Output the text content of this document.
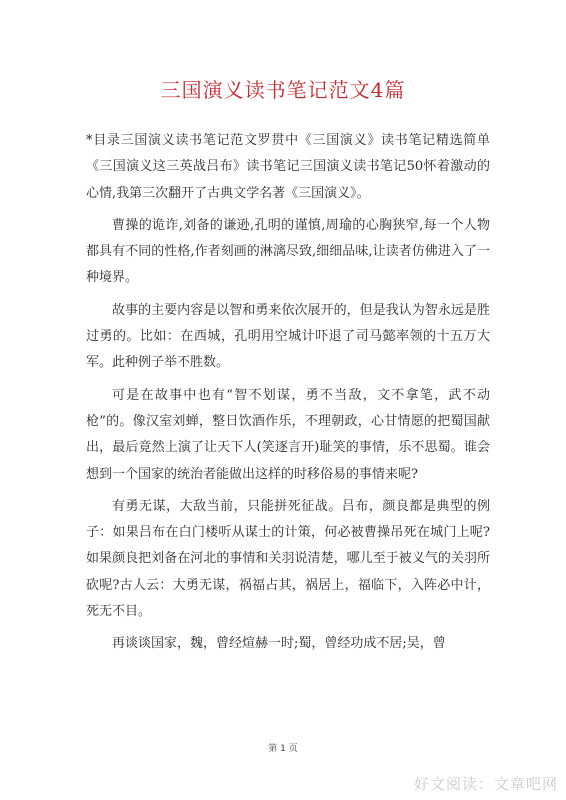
三国演义读书笔记范文4篇

*目录三国演义读书笔记范文罗贯中《三国演义》读书笔记精选简单《三国演义这三英战吕布》读书笔记三国演义读书笔记50怀着激动的心情,我第三次翻开了古典文学名著《三国演义》。

曹操的诡诈,刘备的谦逊,孔明的谨慎,周瑜的心胸狭窄,每一个人物都具有不同的性格,作者刻画的淋漓尽致,细细品味,让读者仿佛进入了一种境界。

故事的主要内容是以智和勇来依次展开的，但是我认为智永远是胜过勇的。比如：在西城，孔明用空城计吓退了司马懿率领的十五万大军。此种例子举不胜数。

可是在故事中也有“智不划谋，勇不当敌，文不拿笔，武不动枪”的。像汉室刘蝉，整日饮酒作乐，不理朝政，心甘情愿的把蜀国献出，最后竟然上演了让天下人(笑逐言开)耻笑的事情，乐不思蜀。谁会想到一个国家的统治者能做出这样的时移俗易的事情来呢?

有勇无谋，大敌当前，只能拼死征战。吕布，颜良都是典型的例子：如果吕布在白门楼听从谋士的计策，何必被曹操吊死在城门上呢?如果颜良把刘备在河北的事情和关羽说清楚，哪儿至于被义气的关羽所砍呢?古人云：大勇无谋，祸福占其，祸居上，福临下，入阵必中计，死无不目。

再谈谈国家，魏，曾经煊赫一时;蜀，曾经功成不居;吴，曾

第 1 页
好文阅读：文章吧网
